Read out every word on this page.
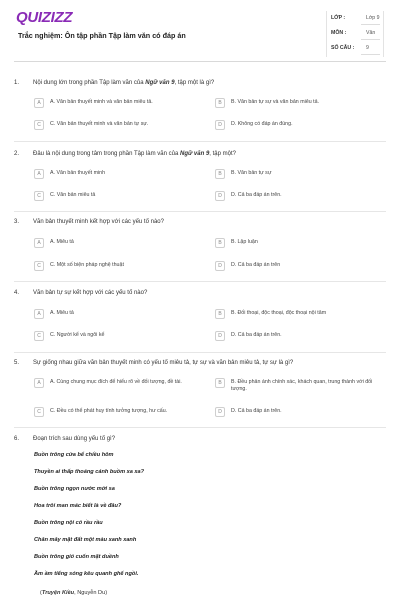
QUIZIZZ
Trắc nghiệm: Ôn tập phần Tập làm văn có đáp án
LỚP :	Lớp 9
MÔN :	Văn
SỐ CÂU : 9
1. Nội dung lớn trong phần Tập làm văn của Ngữ văn 9, tập một là gì?
A	A. Văn bản thuyết minh và văn bản miêu tả.	B	B. Văn bản tự sự và văn bản miêu tả.
C	C. Văn bản thuyết minh và văn bản tự sự.	D	D. Không có đáp án đúng.
2. Đâu là nội dung trong tâm trong phần Tập làm văn của Ngữ văn 9, tập một?
A	A. Văn bản thuyết minh	B	B. Văn bản tự sự
C	C. Văn bản miêu tả	D	D. Cả ba đáp án trên.
3. Văn bản thuyết minh kết hợp với các yếu tố nào?
A	A. Miêu tả	B	B. Lập luận
C	C. Một số biện pháp nghệ thuật	D	D. Cả ba đáp án trên
4. Văn bản tự sự kết hợp với các yếu tố nào?
A	A. Miêu tả	B	B. Đối thoại, độc thoại, độc thoại nội tâm
C	C. Người kể và ngôi kể	D	D. Cả ba đáp án trên.
5. Sự giống nhau giữa văn bản thuyết minh có yếu tố miêu tả, tự sự và văn bản miêu tả, tự sự là gì?
A	A. Cùng chung mục đích để hiểu rõ về đối tượng, đề tài.	B	B. Đều phản ánh chính xác, khách quan, trung thành với đối tượng.
C	C. Đều có thể phát huy tính tưởng tượng, hư cấu.	D	D. Cả ba đáp án trên.
6. Đoạn trích sau dùng yếu tố gì?
Buồn trông cửa bể chiều hôm
Thuyền ai thấp thoáng cánh buồm xa xa?
Buồn trông ngọn nước mới sa
Hoa trôi man mác biết là về đâu?
Buồn trông nội cỏ rầu rầu
Chân mây mặt đất một màu xanh xanh
Buồn trông gió cuốn mặt duềnh
Ầm ầm tiếng sóng kêu quanh ghế ngồi.
(Truyện Kiều, Nguyễn Du)
